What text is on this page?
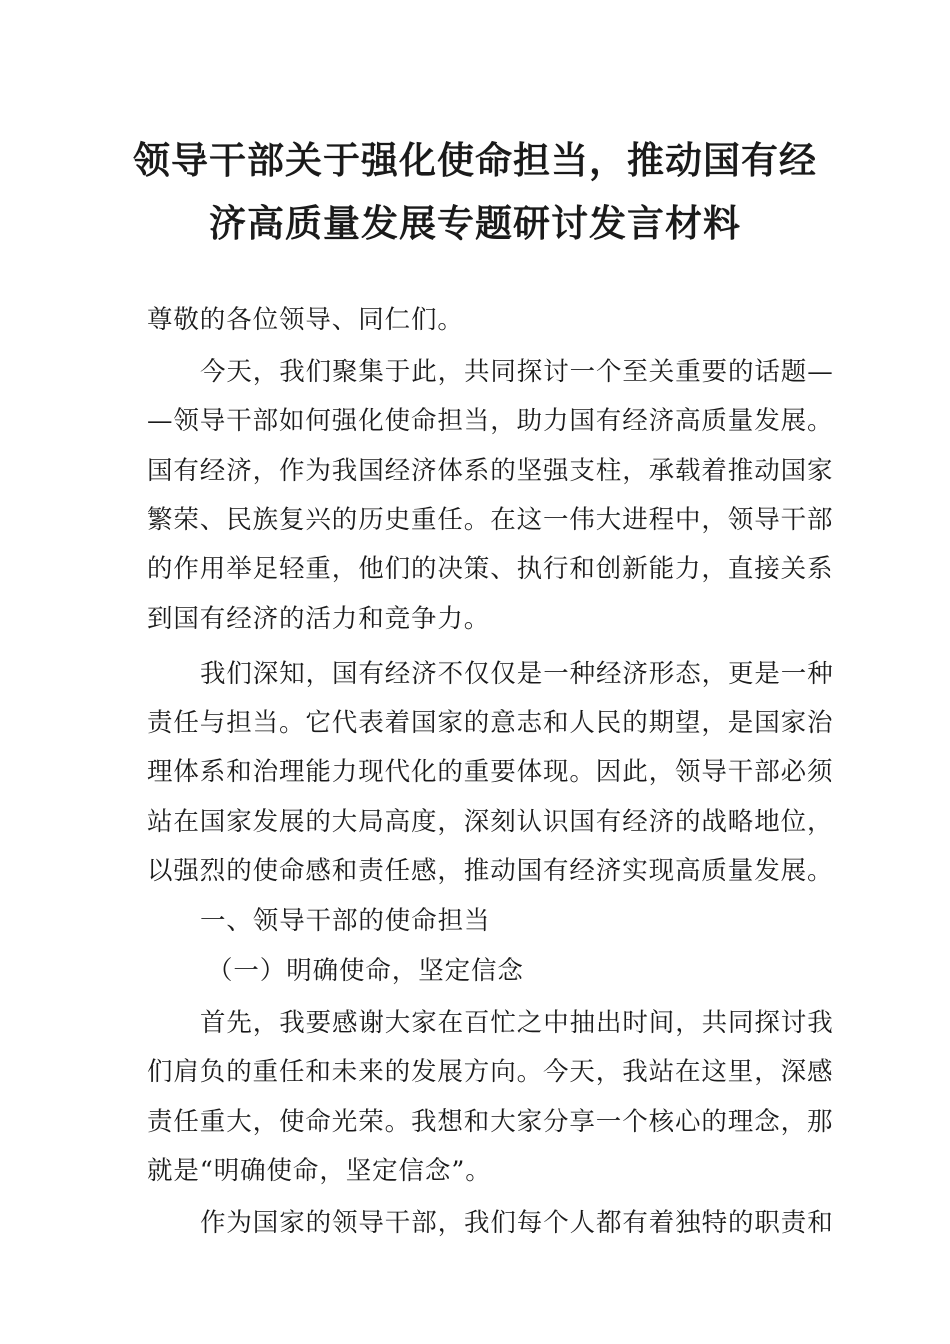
领导干部关于强化使命担当，推动国有经
济高质量发展专题研讨发言材料
尊敬的各位领导、同仁们。
今天，我们聚集于此，共同探讨一个至关重要的话题—
—领导干部如何强化使命担当，助力国有经济高质量发展。
国有经济，作为我国经济体系的坚强支柱，承载着推动国家
繁荣、民族复兴的历史重任。在这一伟大进程中，领导干部
的作用举足轻重，他们的决策、执行和创新能力，直接关系
到国有经济的活力和竞争力。
我们深知，国有经济不仅仅是一种经济形态，更是一种
责任与担当。它代表着国家的意志和人民的期望，是国家治
理体系和治理能力现代化的重要体现。因此，领导干部必须
站在国家发展的大局高度，深刻认识国有经济的战略地位，
以强烈的使命感和责任感，推动国有经济实现高质量发展。
一、领导干部的使命担当
（一）明确使命，坚定信念
首先，我要感谢大家在百忙之中抽出时间，共同探讨我
们肩负的重任和未来的发展方向。今天，我站在这里，深感
责任重大，使命光荣。我想和大家分享一个核心的理念，那
就是“明确使命，坚定信念”。
作为国家的领导干部，我们每个人都有着独特的职责和
